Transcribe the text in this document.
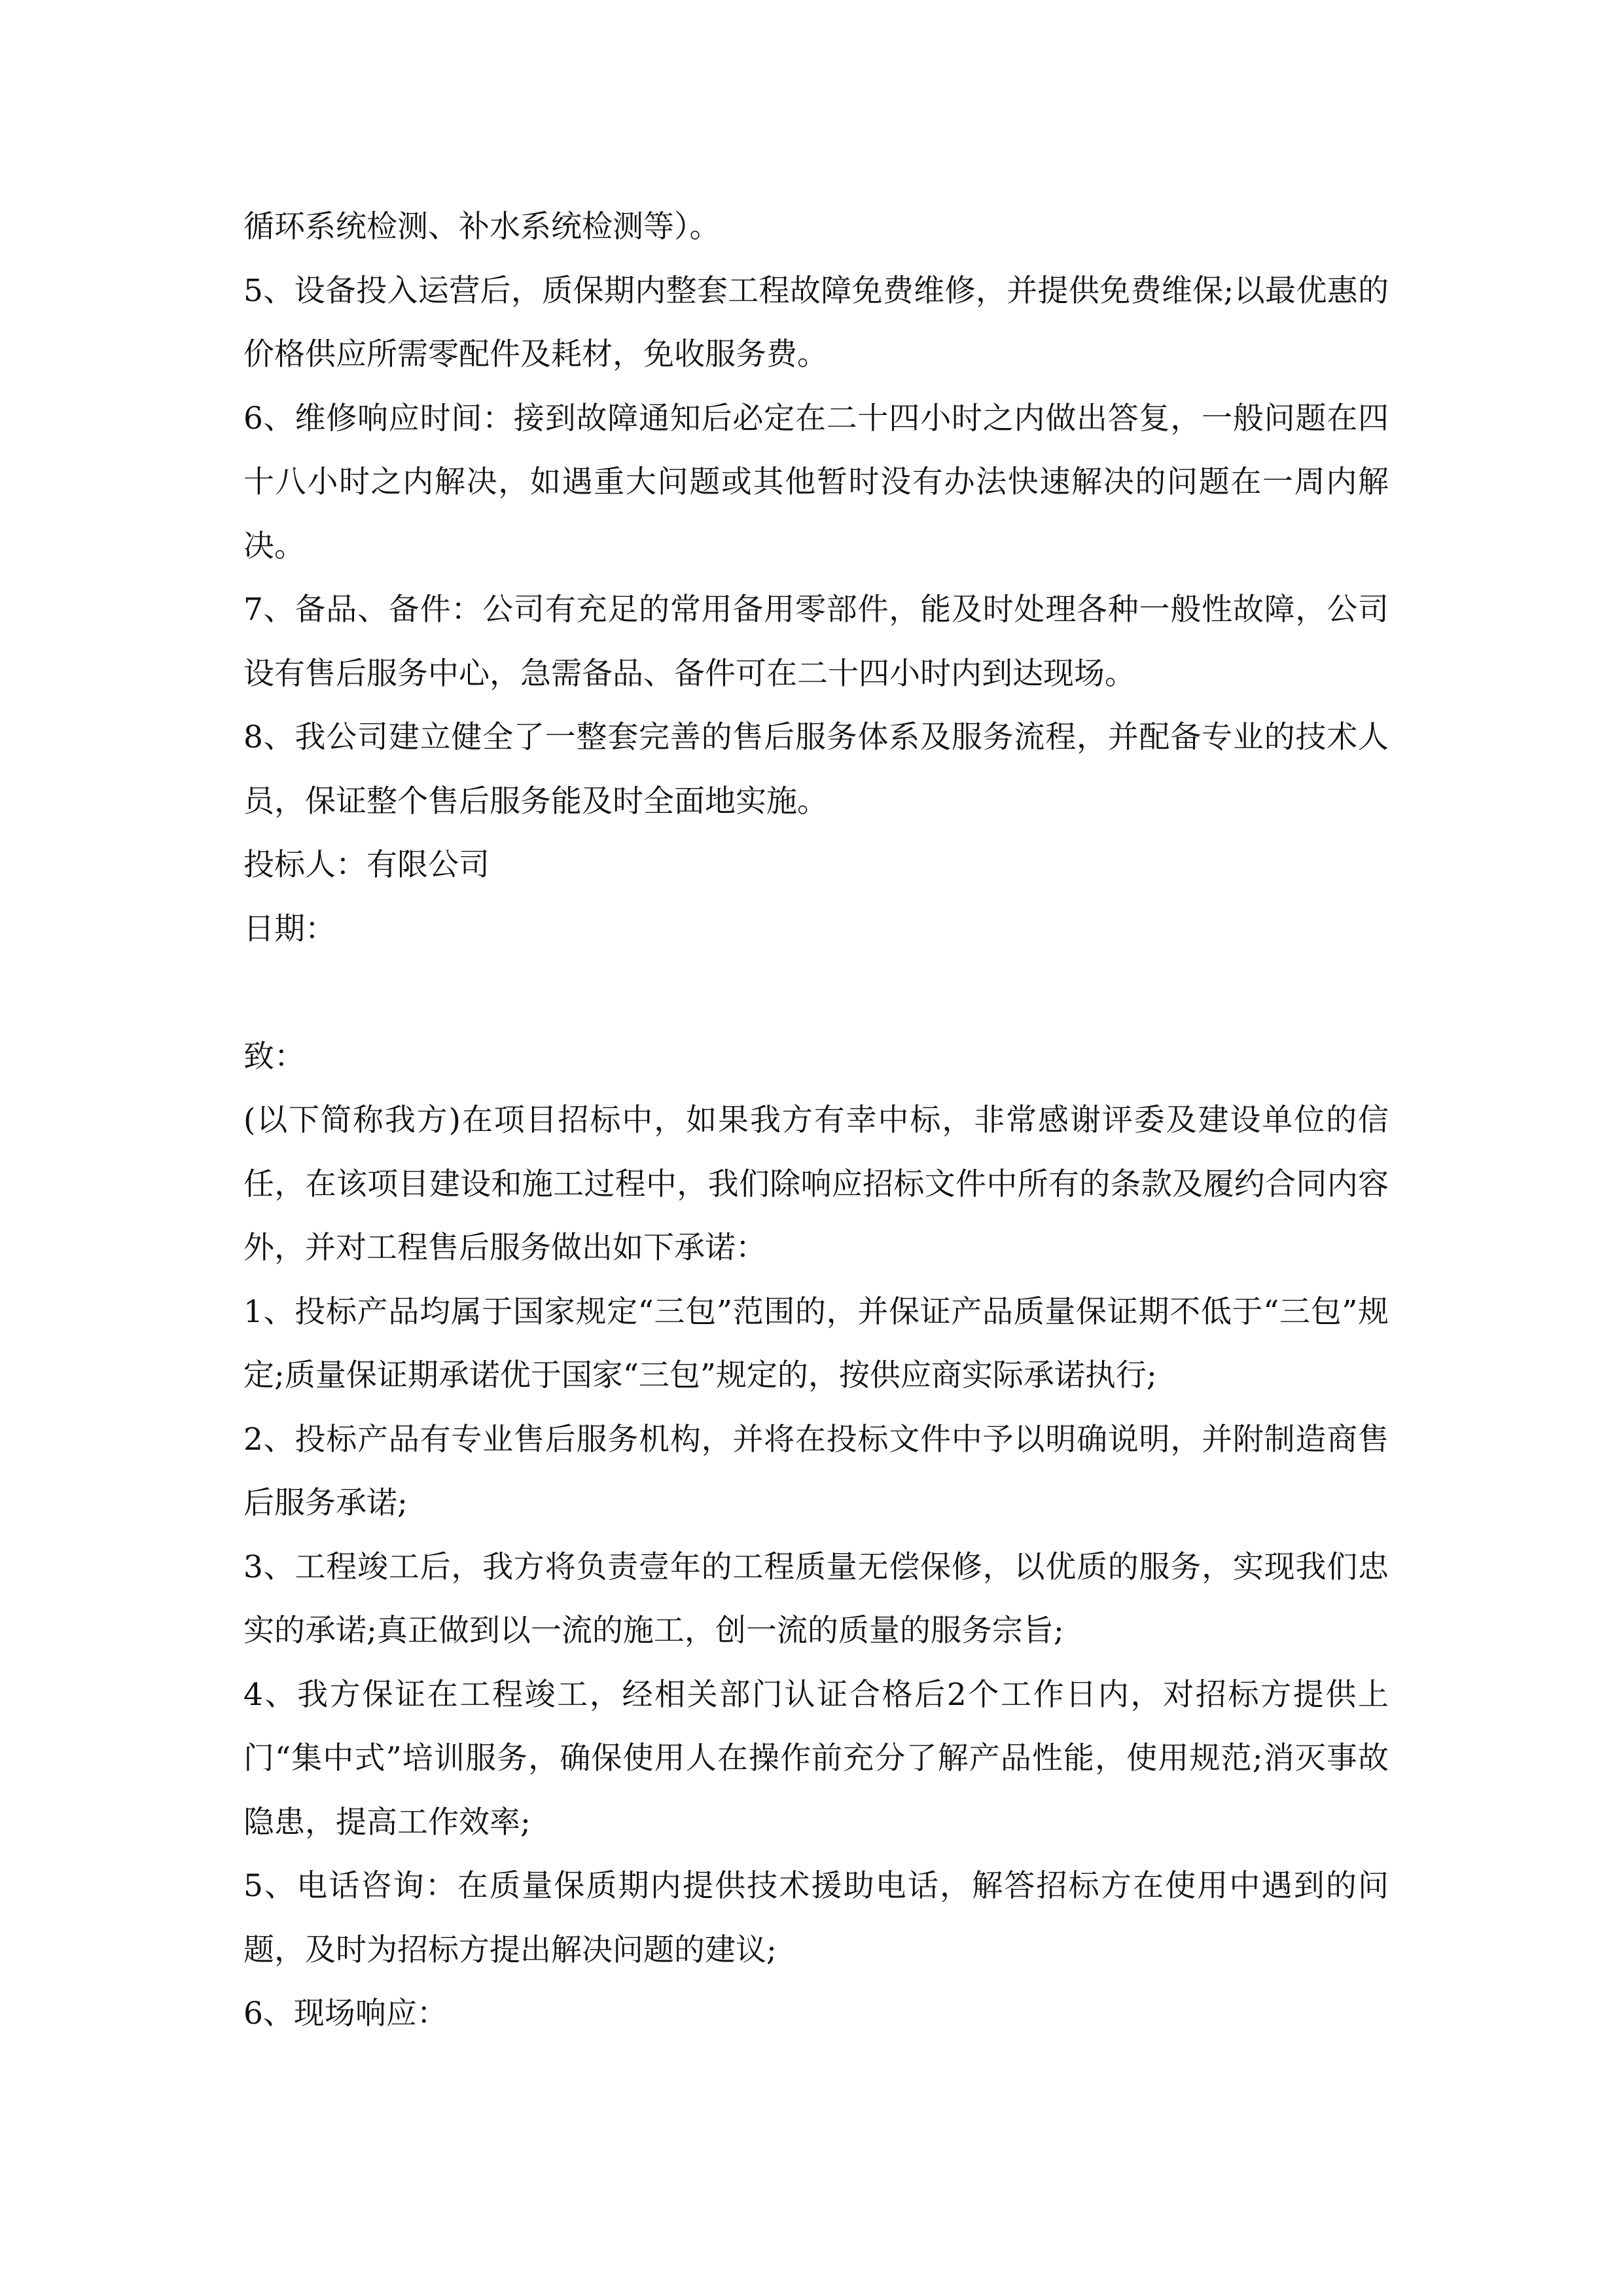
循环系统检测、补水系统检测等）。

5、设备投入运营后，质保期内整套工程故障免费维修，并提供免费维保;以最优惠的价格供应所需零配件及耗材，免收服务费。

6、维修响应时间：接到故障通知后必定在二十四小时之内做出答复，一般问题在四十八小时之内解决，如遇重大问题或其他暂时没有办法快速解决的问题在一周内解决。

7、备品、备件：公司有充足的常用备用零部件，能及时处理各种一般性故障，公司设有售后服务中心，急需备品、备件可在二十四小时内到达现场。

8、我公司建立健全了一整套完善的售后服务体系及服务流程，并配备专业的技术人员，保证整个售后服务能及时全面地实施。

投标人：有限公司

日期：

致：

(以下简称我方)在项目招标中，如果我方有幸中标，非常感谢评委及建设单位的信任，在该项目建设和施工过程中，我们除响应招标文件中所有的条款及履约合同内容外，并对工程售后服务做出如下承诺：

1、投标产品均属于国家规定“三包”范围的，并保证产品质量保证期不低于“三包”规定;质量保证期承诺优于国家“三包”规定的，按供应商实际承诺执行;

2、投标产品有专业售后服务机构，并将在投标文件中予以明确说明，并附制造商售后服务承诺;

3、工程竣工后，我方将负责壹年的工程质量无偿保修，以优质的服务，实现我们忠实的承诺;真正做到以一流的施工，创一流的质量的服务宗旨;

4、我方保证在工程竣工，经相关部门认证合格后2个工作日内，对招标方提供上门“集中式”培训服务，确保使用人在操作前充分了解产品性能，使用规范;消灭事故隐患，提高工作效率;

5、电话咨询：在质量保质期内提供技术援助电话，解答招标方在使用中遇到的问题，及时为招标方提出解决问题的建议;

6、现场响应：
